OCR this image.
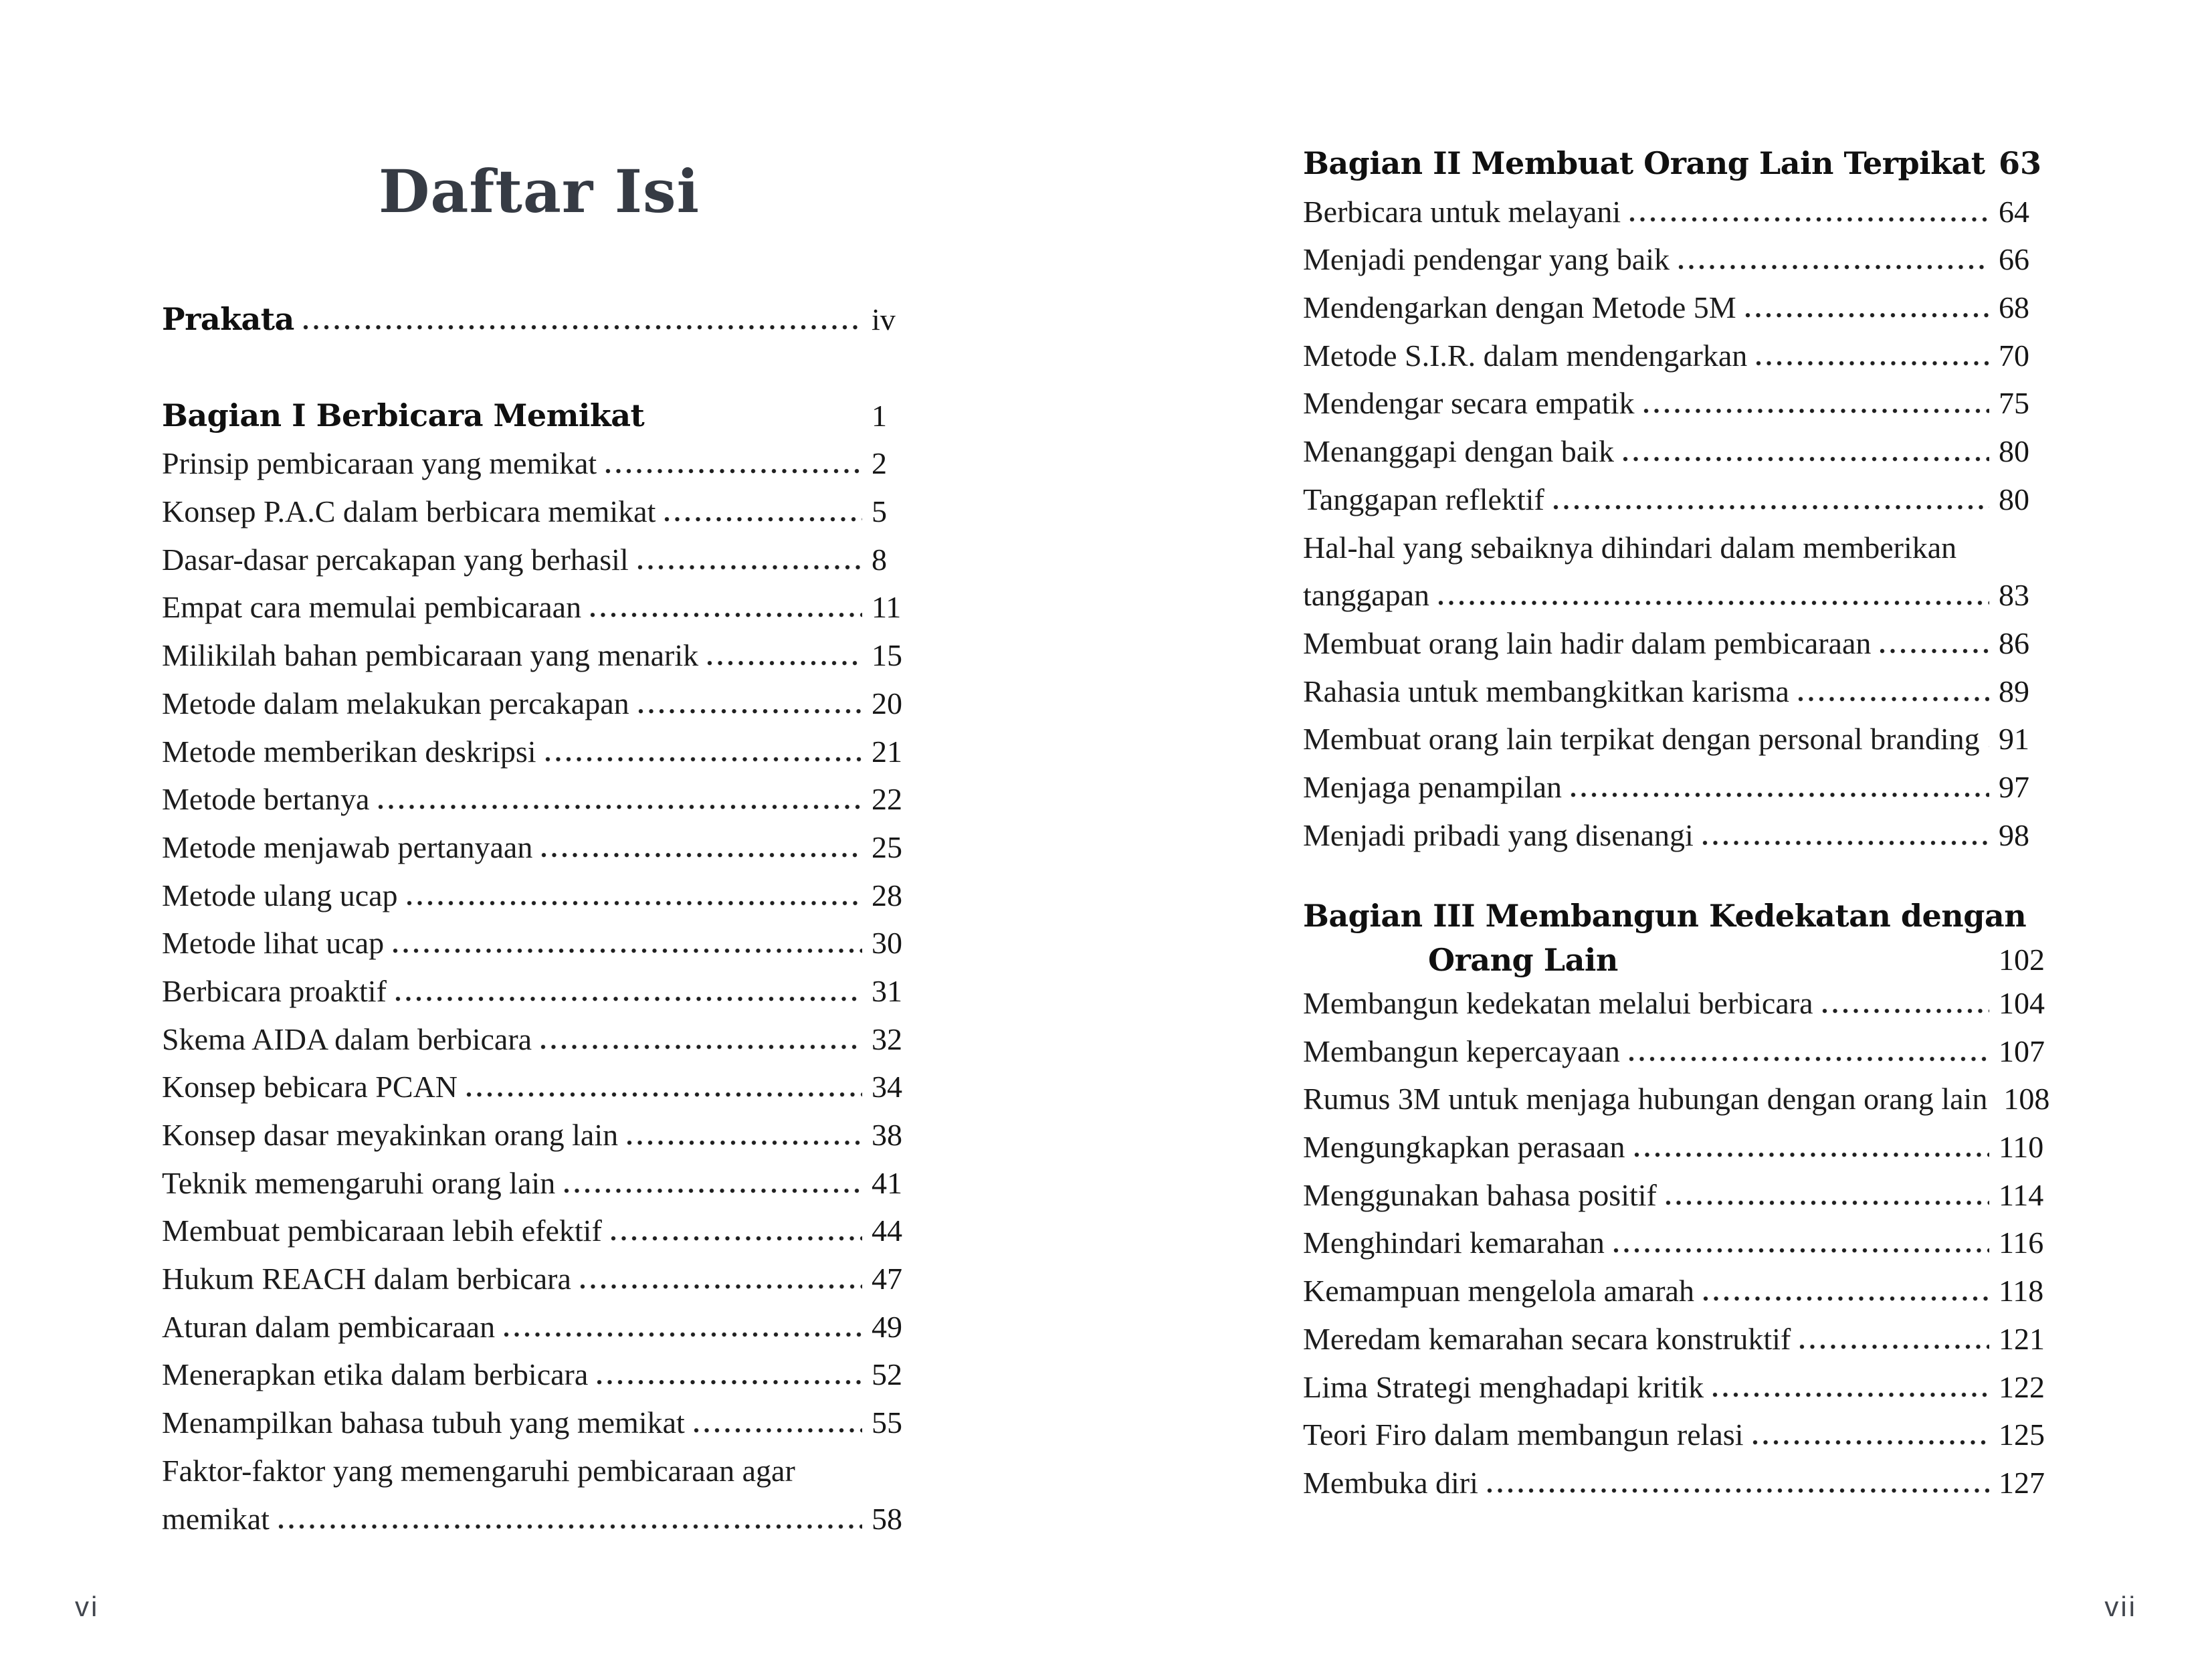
Daftar Isi
Prakata	iv
Bagian I Berbicara Memikat	1
Prinsip pembicaraan yang memikat	2
Konsep P.A.C dalam berbicara memikat	5
Dasar-dasar percakapan yang berhasil	8
Empat cara memulai pembicaraan	11
Milikilah bahan pembicaraan yang menarik	15
Metode dalam melakukan percakapan	20
Metode memberikan deskripsi	21
Metode bertanya	22
Metode menjawab pertanyaan	25
Metode ulang ucap	28
Metode lihat ucap	30
Berbicara proaktif	31
Skema AIDA dalam berbicara	32
Konsep bebicara PCAN	34
Konsep dasar meyakinkan orang lain	38
Teknik memengaruhi orang lain	41
Membuat pembicaraan lebih efektif	44
Hukum REACH dalam berbicara	47
Aturan dalam pembicaraan	49
Menerapkan etika dalam berbicara	52
Menampilkan bahasa tubuh yang memikat	55
Faktor-faktor yang memengaruhi pembicaraan agar
memikat	58
Bagian II Membuat Orang Lain Terpikat 63
Berbicara untuk melayani	64
Menjadi pendengar yang baik	66
Mendengarkan dengan Metode 5M	68
Metode S.I.R. dalam mendengarkan	70
Mendengar secara empatik	75
Menanggapi dengan baik	80
Tanggapan reflektif	80
Hal-hal yang sebaiknya dihindari dalam memberikan
tanggapan	83
Membuat orang lain hadir dalam pembicaraan	86
Rahasia untuk membangkitkan karisma	89
Membuat orang lain terpikat dengan personal branding 91
Menjaga penampilan	97
Menjadi pribadi yang disenangi	98
Bagian III Membangun Kedekatan dengan
Orang Lain	102
Membangun kedekatan melalui berbicara	104
Membangun kepercayaan	107
Rumus 3M untuk menjaga hubungan dengan orang lain 108
Mengungkapkan perasaan	110
Menggunakan bahasa positif	114
Menghindari kemarahan	116
Kemampuan mengelola amarah	118
Meredam kemarahan secara konstruktif	121
Lima Strategi menghadapi kritik	122
Teori Firo dalam membangun relasi	125
Membuka diri	127
vi	vii
